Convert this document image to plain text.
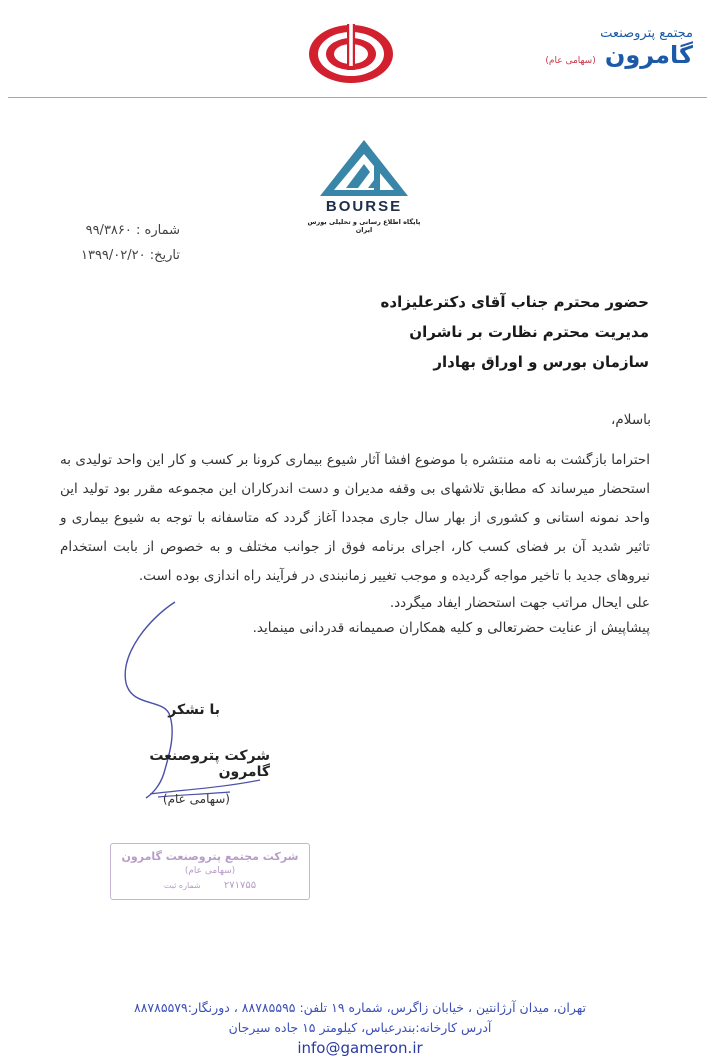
مجتمع پتروصنعت
گامرون (سهامی عام)
BOURSE
پایگاه اطلاع رسانی و تحلیلی بورس ایران
شماره : ۹۹/۳۸۶۰
تاریخ: ۱۳۹۹/۰۲/۲۰
حضور محترم جناب آقای دکترعلیزاده
مدیریت محترم نظارت بر ناشران
سازمان بورس و اوراق بهادار
باسلام،
احتراما بازگشت به نامه منتشره با موضوع افشا آثار شیوع بیماری کرونا بر کسب و کار این واحد تولیدی به استحضار میرساند که مطابق تلاشهای بی وقفه مدیران و دست اندرکاران این مجموعه مقرر بود تولید این واحد نمونه استانی و کشوری از بهار سال جاری مجددا آغاز گردد که متاسفانه با توجه به شیوع بیماری و تاثیر شدید آن بر فضای کسب کار، اجرای برنامه فوق از جوانب مختلف و به خصوص از بابت استخدام نیروهای جدید با تاخیر مواجه گردیده و موجب تغییر زمانبندی در فرآیند راه اندازی بوده است.
علی ایحال مراتب جهت استحضار ایفاد میگردد.
پیشاپیش از عنایت حضرتعالی و کلیه همکاران صمیمانه قدردانی مینماید.
با تشکر
شرکت پتروصنعت گامرون
(سهامی عام)
شرکت مجتمع پتروصنعت گامرون
(سهامی عام)
۲۷۱۷۵۵ شماره ثبت
تهران، میدان آرژانتین ، خیابان زاگرس، شماره ۱۹ تلفن: ۸۸۷۸۵۵۹۵ ، دورنگار:۸۸۷۸۵۵۷۹
آدرس کارخانه:بندرعباس، کیلومتر ۱۵ جاده سیرجان
info@gameron.ir
